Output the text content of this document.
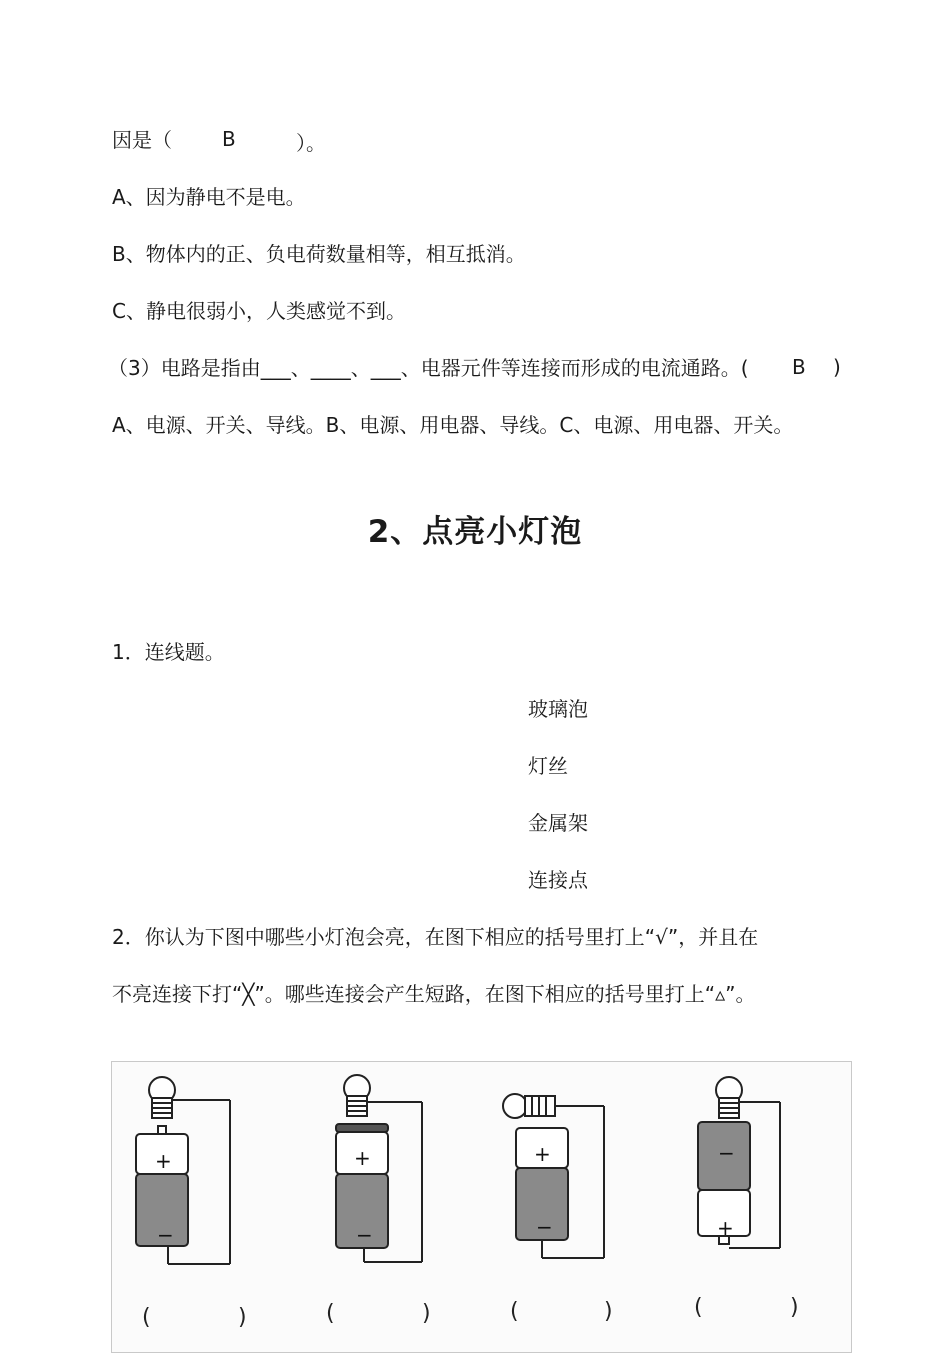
因是（	B	）。
A、因为静电不是电。
B、物体内的正、负电荷数量相等，相互抵消。
C、静电很弱小，人类感觉不到。
（3）电路是指由___、____、___、电器元件等连接而形成的电流通路。( B )
A、电源、开关、导线。B、电源、用电器、导线。C、电源、用电器、开关。
2、点亮小灯泡
1．连线题。
玻璃泡
灯丝
金属架
连接点
2．你认为下图中哪些小灯泡会亮，在图下相应的括号里打上“√”，并且在
不亮连接下打“╳”。哪些连接会产生短路，在图下相应的括号里打上“▵”。
+
−
+
−
+
−
−
+
(	)	(	)	(	)	(	)
